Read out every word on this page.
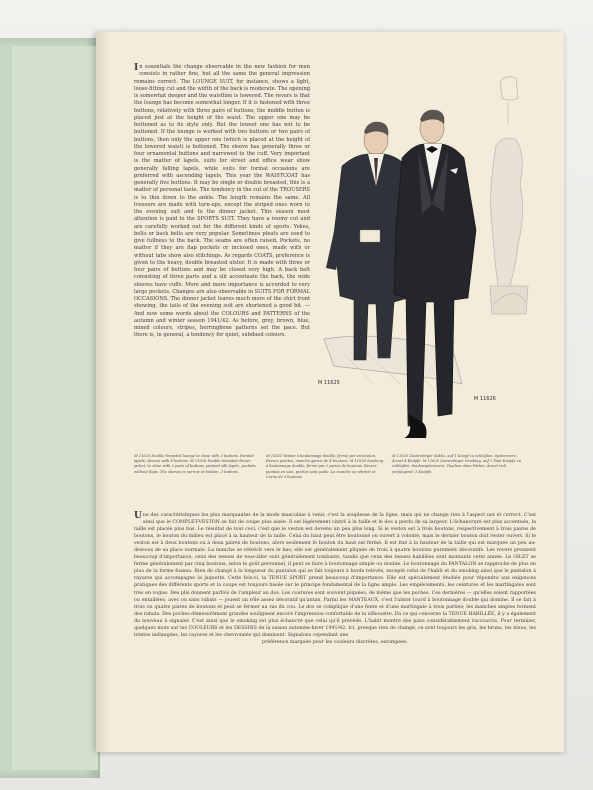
In essentials the change observable in the new fashion for men consists in rather fine, but all the same the general impression remains correct. The LOUNGE SUIT, for instance, shows a light, loose-fitting cut and the width of the back is moderate. The opening is somewhat deeper and the waistline is lowered. The revers is that the lounge has become somewhat longer. If it is fastened with three buttons, relatively with three pairs of buttons, the middle button is placed just at the height of the waist. The upper one may be buttoned as to fix style only. But the lowest one has not to be buttoned. If the lounge is worked with two buttons or two pairs of buttons, then only the upper one (which is placed at the height of the lowered waist) is buttoned. The sleeve has generally three or four ornamental buttons and narrowed to the cuff. Very important is the matter of lapels, suits for street and office wear show generally falling lapels, while suits for formal occasions are preferred with ascending lapels. This year the WAISTCOAT has generally five buttons. It may be single or double breasted, this is a matter of personal taste. The tendency in the cut of the TROUSERS is to thin down to the ankle. The length remains the same. All trousers are made with turn-ups, except the striped ones worn to the evening suit and to the dinner jacket. This season most attention is paid to the SPORTS SUIT. They have a roomy cut and are carefully worked out for the different kinds of sports. Yokes, belts or back belts are very popular. Sometimes pleats are used to give fullness to the back. The seams are often raised. Pockets, no matter if they are flap pockets or inclosed ones, made with or without tabs show also stitchings. As regards COATS, preference is given to the heavy, double breasted ulster. It is made with three or four pairs of buttons and may be closed very high. A back belt consisting of three parts and a slit accentuate the back, the wide sleeves have cuffs. More and more importance is accorded to very large pockets. Changes are also observable in SUITS FOR FORMAL OCCASIONS. The dinner jacket leaves much more of the shirt front showing, the tails of the evening suit are shortened a good bit. — And now some words about the COLOURS and PATTERNS of the autumn and winter season 1941/42. As before, grey, brown, blue, mixed colours, stripes, herringbone patterns set the pace. But there is, in general, a tendency for quiet, subdued colours.
M 11625
M 11626
M 11625 Double breasted lounge to close with 3 buttons. Pointed lapels, sleeves with 4 buttons. M 11626 Double breasted dinner jacket, to close with 2 pairs of buttons, pointed silk lapels, pockets without flaps. The sleeves is narrow at bottom, 3 buttons.
M 11625 Veston à boutonnage double, fermé par un bouton. Revers pointus, manche garnie de 4 boutons. M 11626 Smoking à boutonnage double, fermé par 2 paires de boutons. Revers pointus en soie, poches sans patte. La manche se rétrécit et s'orne de 3 boutons.
M 11625 Zweireihiger Sakko, auf 1 Knopf zu schließen. Spitzrevers. Ärmel 4 Knöpfe. M 11626 Zweireihiger Smoking, auf 2 Paar Knöpfe zu schließen. Seidenspitzrevers, Taschen ohne Patten. Ärmel sich verjüngend, 3 Knöpfe.
Une des caractéristiques les plus marquantes de la mode masculine à venir, c'est la souplesse de la ligne, mais qui ne change rien à l'aspect net et correct. C'est ainsi que le COMPLET-VESTON se fait de coupe plus aisée. Il est légèrement cintré à la taille et le dos a perdu de sa largeur. L'échancrure est plus accentuée, la taille est placée plus bas. Le résultat de tout ceci, c'est que le veston est devenu un peu plus long. Si le veston est à trois boutons, respectivement à trois paires de boutons, le bouton du milieu est placé à la hauteur de la taille. Celui du haut peut être boutonné ou ouvert à volonté, mais le dernier bouton doit rester ouvert. Si le veston est à deux boutons ou à deux paires de boutons, alors seulement le bouton du haut est fermé. Il est fixé à la hauteur de la taille qui est marquée un peu au-dessous de sa place normale. La manche se rétrécit vers le bas; elle est généralement pliquée de trois à quatre boutons purement décoratifs. Les revers prennent beaucoup d'importance; ceux des tenues de tous-aller sont généralement tombants, tandis que ceux des tenues habillées sont montants cette année. Le GILET se ferme généralement par cinq boutons; selon le goût personnel, il peut se faire à boutonnage simple ou double. Le boutonnage du PANTALON se rapproche de plus en plus de la forme fuseau. Rien de changé à la longueur du pantalon qui se fait toujours à bords relevés, excepté celui de l'habit et du smoking ainsi que le pantalon à rayures qui accompagne la jaquette. Cette fois-ci, la TENUE SPORT prend beaucoup d'importance. Elle est spécialement étudiée pour répondre aux exigences pratiques des différents sports et la coupe est toujours basée sur le principe fondamental de la ligne ample. Les empiècements, les ceintures et les martingales sont très en vogue. Des plis donnent parfois de l'ampleur au dos. Les coutures sont souvent piquées, de même que les poches. Ces dernières — qu'elles soient rapportées ou entaillées, avec ou sans rabats — jouent un rôle assez décoratif qu'antan. Parmi les MANTEAUX, c'est l'ulster lourd à boutonnage double qui domine. Il se fait à trois ou quatre paires de boutons et peut se fermer au ras du cou. Le dos se complique d'une fente et d'une martingale à trois parties; les manches amples forment des rabats. Des poches démesurément grandes soulignent encore l'impression confortable de la silhouette. En ce qui concerne la TENUE HABILLÉE, il y a également du nouveau à signaler. C'est ainsi que le smoking est plus échancré que celui qu'il précède. L'habit montre des pans considérablement raccourcis. Pour terminer, quelques mots sur les COULEURS et les DESSINS de la saison automne-hiver 1941/42. Ici, presque rien de changé, ce sont toujours les gris, les bruns, les bleus, les teintes mélangées, les rayures et les chevronnés qui dominent. Signalons cependant une
préférence marquée pour les couleurs discrètes, estompées.
